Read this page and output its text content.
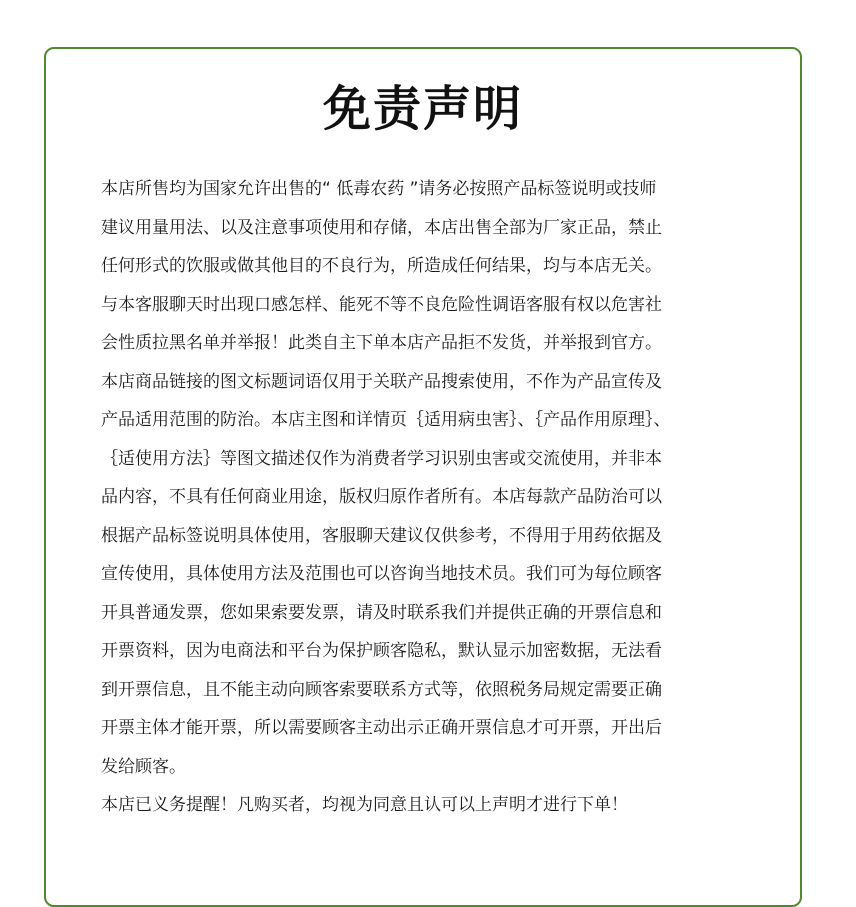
免责声明
本店所售均为国家允许出售的“ 低毒农药 ”请务必按照产品标签说明或技师
建议用量用法、以及注意事项使用和存储，本店出售全部为厂家正品，禁止
任何形式的饮服或做其他目的不良行为，所造成任何结果，均与本店无关。
与本客服聊天时出现口感怎样、能死不等不良危险性调语客服有权以危害社
会性质拉黑名单并举报！此类自主下单本店产品拒不发货，并举报到官方。
本店商品链接的图文标题词语仅用于关联产品搜索使用，不作为产品宣传及
产品适用范围的防治。本店主图和详情页｛适用病虫害｝、｛产品作用原理｝、
｛适使用方法｝等图文描述仅作为消费者学习识别虫害或交流使用，并非本
品内容，不具有任何商业用途，版权归原作者所有。本店每款产品防治可以
根据产品标签说明具体使用，客服聊天建议仅供参考，不得用于用药依据及
宣传使用，具体使用方法及范围也可以咨询当地技术员。我们可为每位顾客
开具普通发票，您如果索要发票，请及时联系我们并提供正确的开票信息和
开票资料，因为电商法和平台为保护顾客隐私，默认显示加密数据，无法看
到开票信息，且不能主动向顾客索要联系方式等，依照税务局规定需要正确
开票主体才能开票，所以需要顾客主动出示正确开票信息才可开票，开出后
发给顾客。
本店已义务提醒！凡购买者，均视为同意且认可以上声明才进行下单！
